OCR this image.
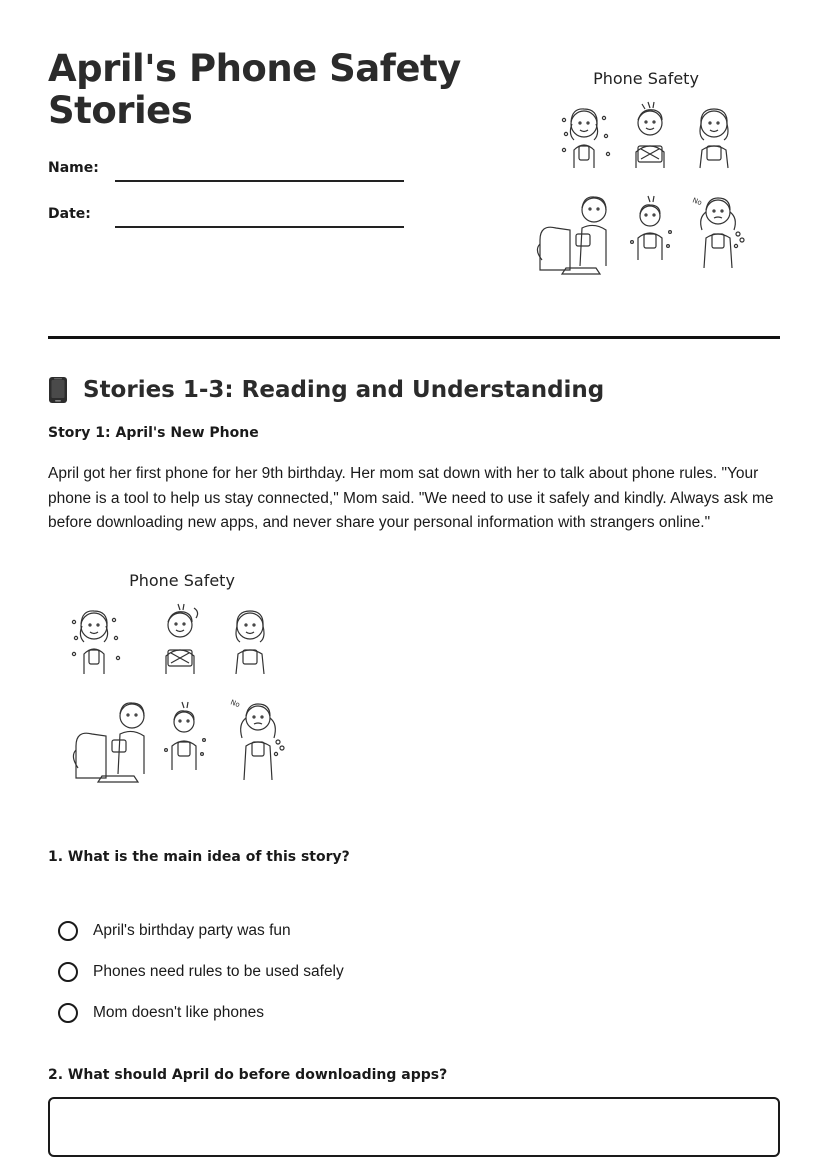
April's Phone Safety Stories
Name:
Date:
Phone Safety
No
Stories 1-3: Reading and Understanding
Story 1: April's New Phone

April got her first phone for her 9th birthday. Her mom sat down with her to talk about phone rules. "Your phone is a tool to help us stay connected," Mom said. "We need to use it safely and kindly. Always ask me before downloading new apps, and never share your personal information with strangers online."

Phone Safety
No
1. What is the main idea of this story?
April's birthday party was fun
Phones need rules to be used safely
Mom doesn't like phones
2. What should April do before downloading apps?
